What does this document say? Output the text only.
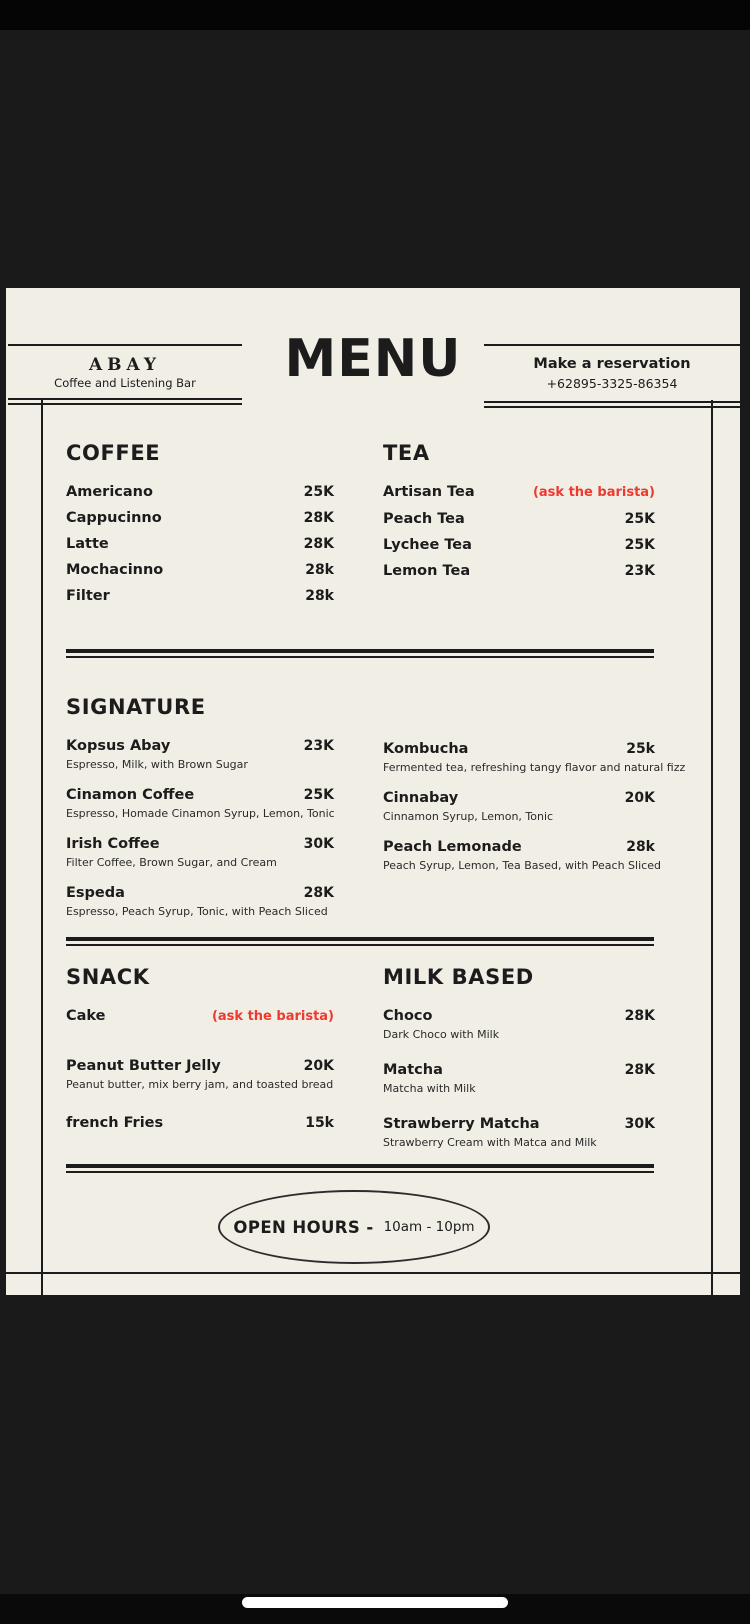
ABAY
Coffee and Listening Bar	MENU	Make a reservation
+62895-3325-86354
COFFEE
Americano	25K
Cappucinno	28K
Latte	28K
Mochacinno	28k
Filter	28k
TEA
Artisan Tea	(ask the barista)
Peach Tea	25K
Lychee Tea	25K
Lemon Tea	23K
SIGNATURE
Kopsus Abay	23K
Espresso, Milk, with Brown Sugar
Cinamon Coffee	25K
Espresso, Homade Cinamon Syrup, Lemon, Tonic
Irish Coffee	30K
Filter Coffee, Brown Sugar, and Cream
Espeda	28K
Espresso, Peach Syrup, Tonic, with Peach Sliced
Kombucha	25k
Fermented tea, refreshing tangy flavor and natural fizz
Cinnabay	20K
Cinnamon Syrup, Lemon, Tonic
Peach Lemonade	28k
Peach Syrup, Lemon, Tea Based, with Peach Sliced
SNACK
Cake	(ask the barista)
Peanut Butter Jelly	20K
Peanut butter, mix berry jam, and toasted bread
french Fries	15k
MILK BASED
Choco	28K
Dark Choco with Milk
Matcha	28K
Matcha with Milk
Strawberry Matcha	30K
Strawberry Cream with Matca and Milk
OPEN HOURS - 10am - 10pm
